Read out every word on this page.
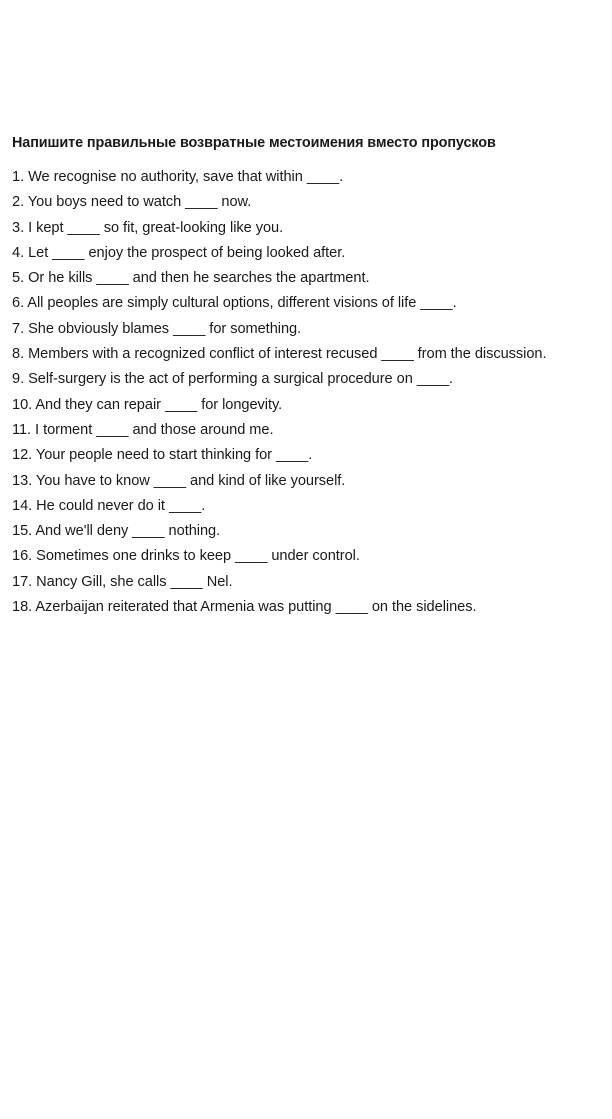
Напишите правильные возвратные местоимения вместо пропусков
1. We recognise no authority, save that within ____.
2. You boys need to watch ____ now.
3. I kept ____ so fit, great-looking like you.
4. Let ____ enjoy the prospect of being looked after.
5. Or he kills ____ and then he searches the apartment.
6. All peoples are simply cultural options, different visions of life ____.
7. She obviously blames ____ for something.
8. Members with a recognized conflict of interest recused ____ from the discussion.
9. Self-surgery is the act of performing a surgical procedure on ____.
10. And they can repair ____ for longevity.
11. I torment ____ and those around me.
12. Your people need to start thinking for ____.
13. You have to know ____ and kind of like yourself.
14. He could never do it ____.
15. And we'll deny ____ nothing.
16. Sometimes one drinks to keep ____ under control.
17. Nancy Gill, she calls ____ Nel.
18. Azerbaijan reiterated that Armenia was putting ____ on the sidelines.
